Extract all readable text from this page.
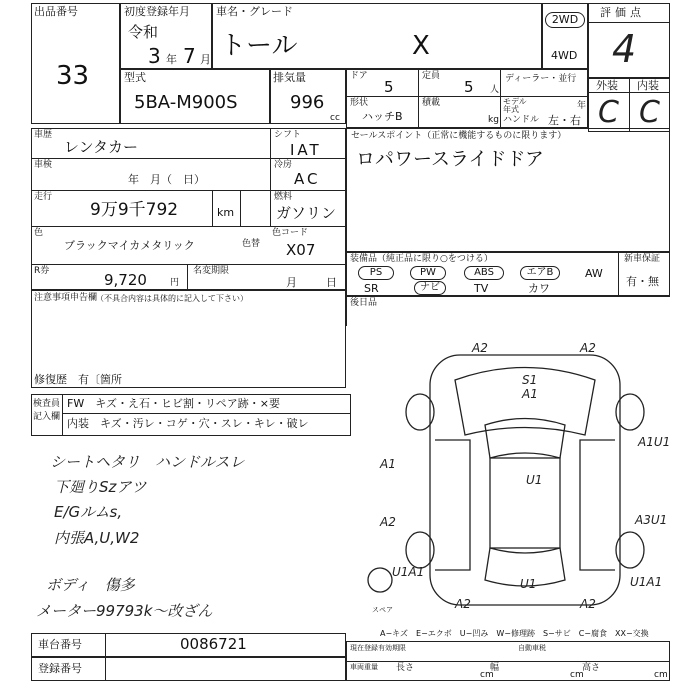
出品番号
33
初度登録年月
令和
3 年 7 月
車名・グレード
トール	X
2WD
4WD
評価点
4
外装 内装
C C
型式
5BA-M900S
排気量
996
cc
ドア
5
定員
5 人
ディーラー・並行
形状
ハッチB
積載
kg
モデル年式	年
ハンドル 左・右
車歴
レンタカー
シフト
IAT
車検
年　月（　日）
冷房
AC
走行
9万9千792	km
燃料
ガソリン
色
ブラックマイカメタリック	色替
色コード
X07
R券	9,720	円
名変期限
月	日
セールスポイント（正常に機能するものに限ります）
ロパワースライドドア
装備品（純正品に限り○をつける）
PS	PW	ABS	エアB	AW
SR	ナビ	TV	カワ
新車保証
有・無
後日品
注意事項申告欄
（不具合内容は具体的に記入して下さい）
修復歴　有〔箇所
検査員記入欄
FW　キズ・え石・ヒビ割・リペア跡・×要
内装　キズ・汚レ・コゲ・穴・スレ・キレ・破レ
シートヘタリ　ハンドルスレ
下廻りSzアツ
E/Gルムs,
内張A,U,W2
ボディ　傷多
メーター99793k〜改ざん
A2	A2
S1
A1
A1
A1U1
U1
A2	A3U1
U1A1
U1	U1A1
A2	A2
スペア
A−キズ　E−エクボ　U−凹み　W−修理跡　S−サビ　C−腐食　XX−交換
車台番号	0086721
登録番号
現在登録有効期限	自動車税
車両重量 長さ
cm
幅
cm
高さ
cm
